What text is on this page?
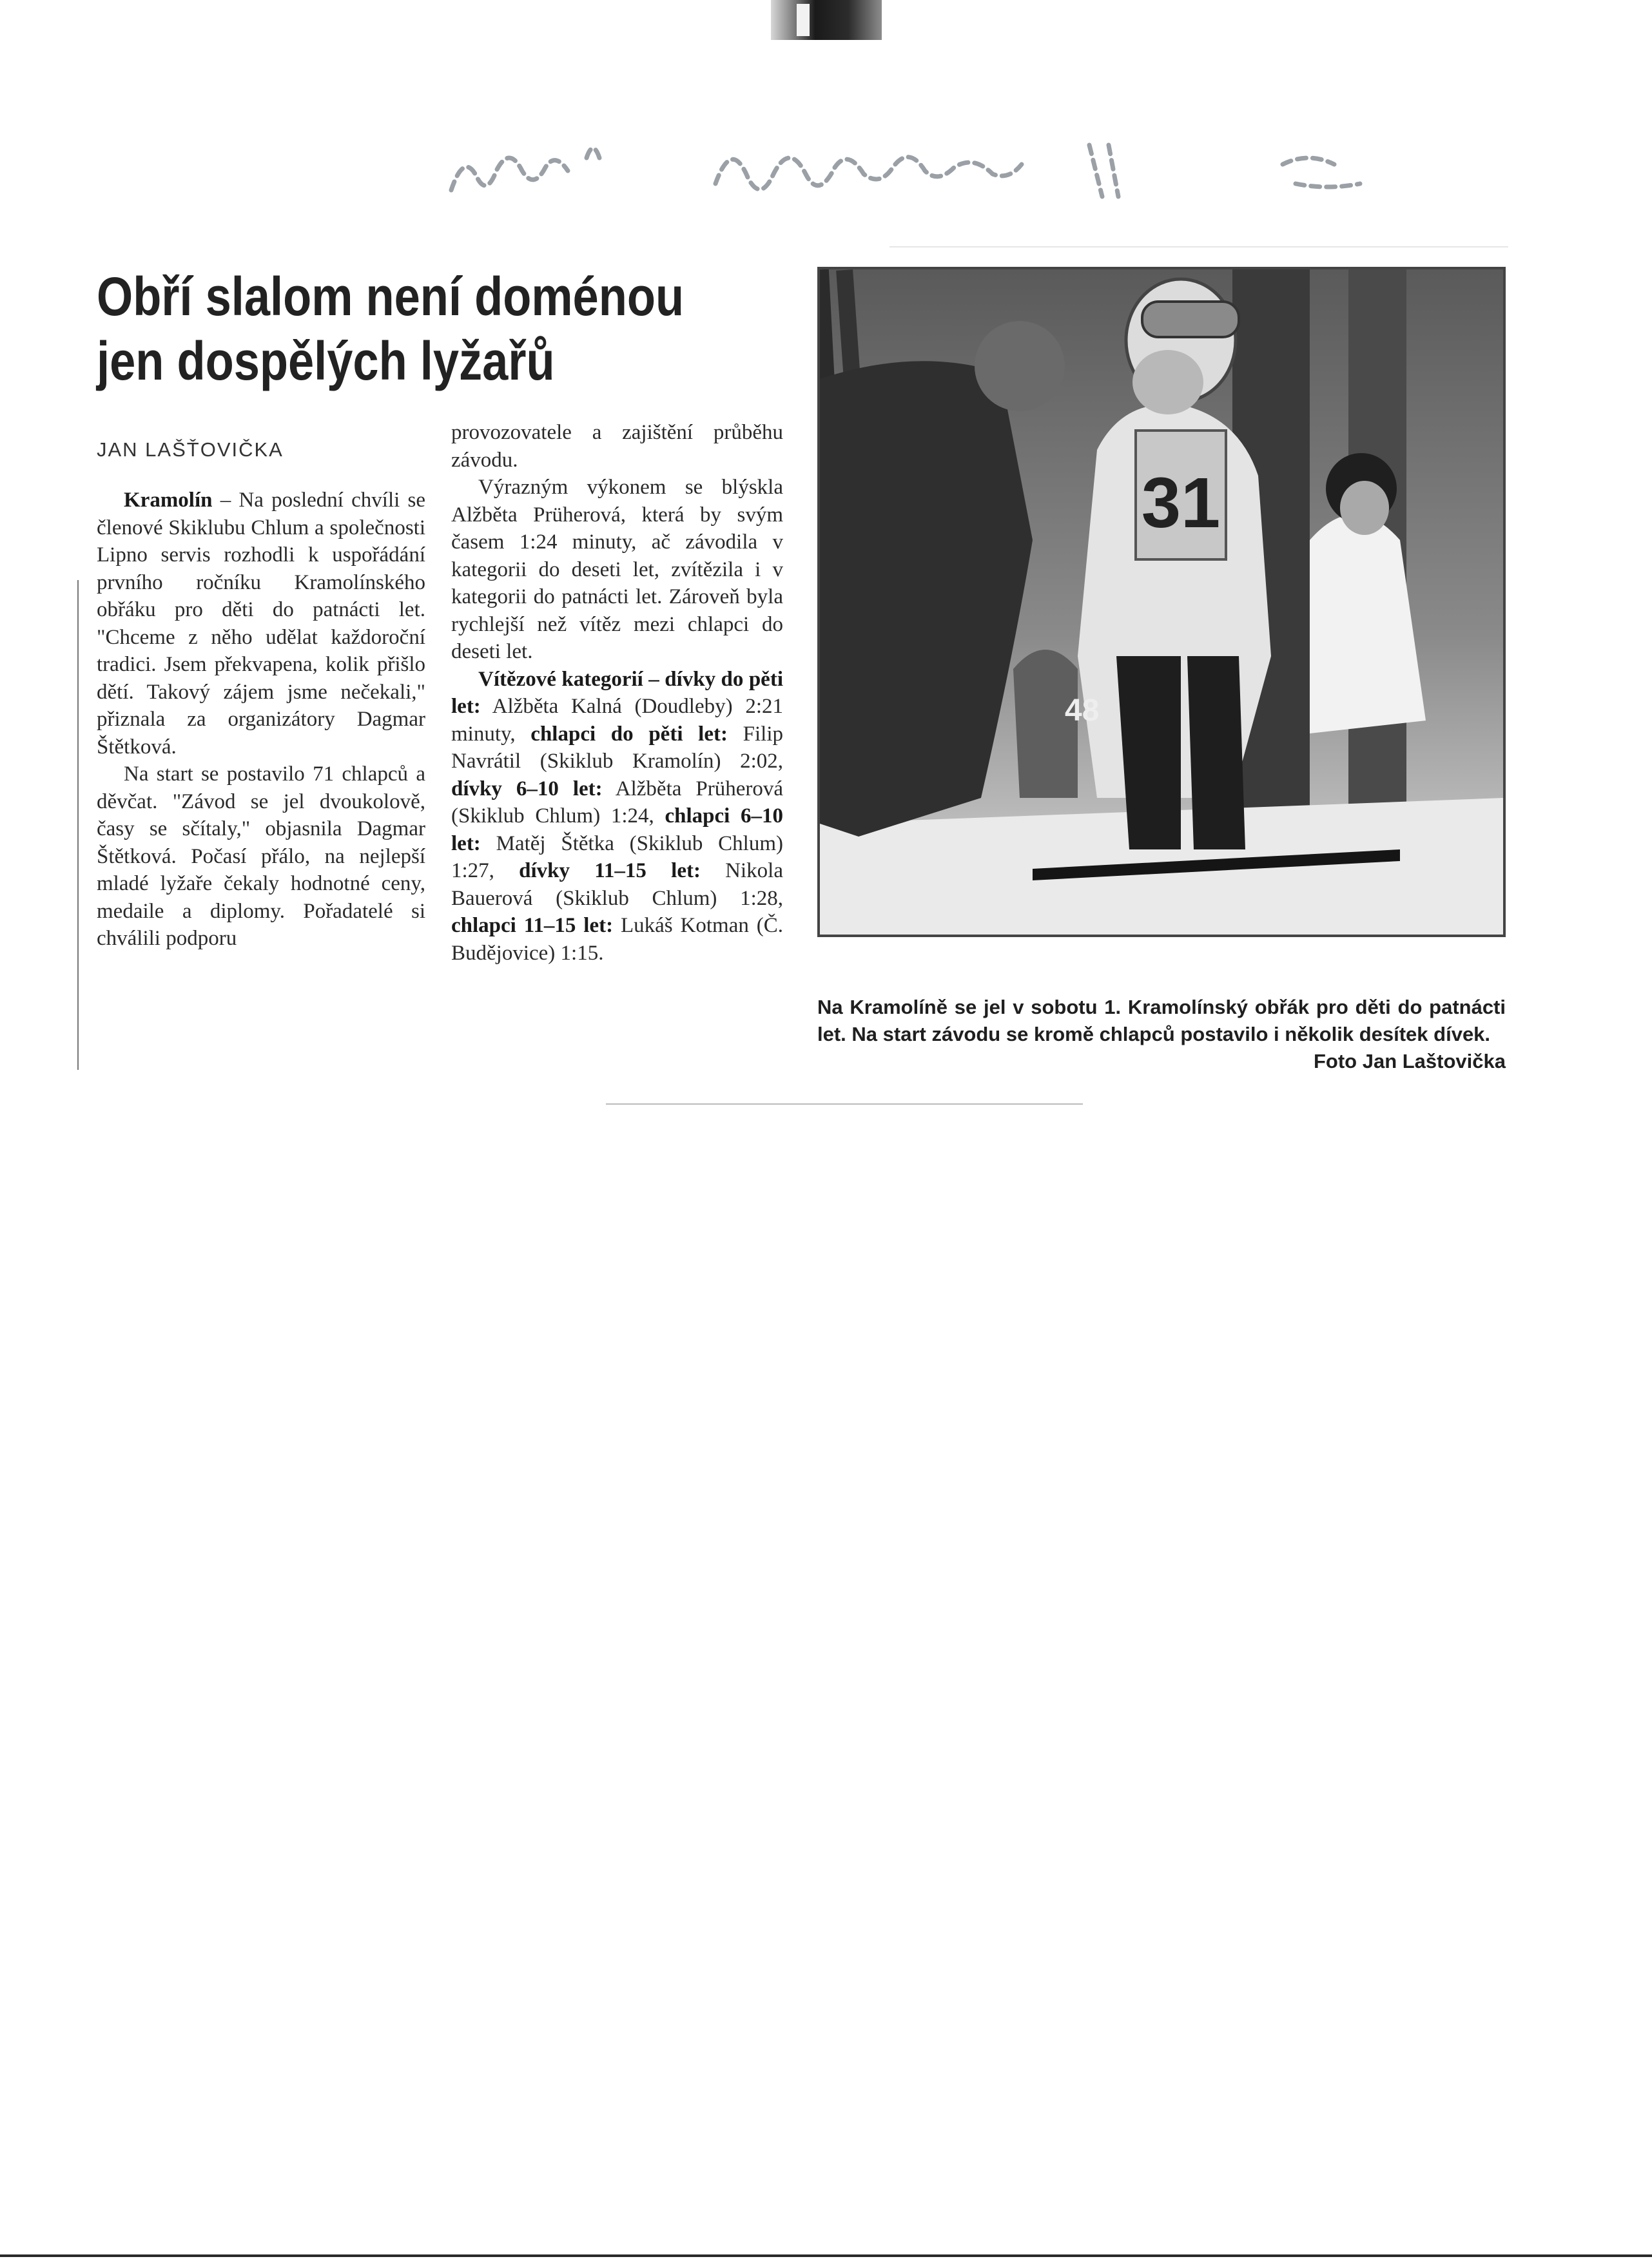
Obří slalom není doménou
jen dospělých lyžařů
JAN LAŠŤOVIČKA

Kramolín – Na poslední chvíli se členové Skiklubu Chlum a společnosti Lipno servis rozhodli k uspořádání prvního ročníku Kramolínského obřáku pro děti do patnácti let. "Chceme z něho udělat každoroční tradici. Jsem překvapena, kolik přišlo dětí. Takový zájem jsme nečekali," přiznala za organizátory Dagmar Štětková.

Na start se postavilo 71 chlapců a děvčat. "Závod se jel dvoukolově, časy se sčítaly," objasnila Dagmar Štětková. Počasí přálo, na nejlepší mladé lyžaře čekaly hodnotné ceny, medaile a diplomy. Pořadatelé si chválili podporu

provozovatele a zajištění průběhu závodu.

Výrazným výkonem se blýskla Alžběta Prüherová, která by svým časem 1:24 minuty, ač závodila v kategorii do deseti let, zvítězila i v kategorii do patnácti let. Zároveň byla rychlejší než vítěz mezi chlapci do deseti let.

Vítězové kategorií – dívky do pěti let: Alžběta Kalná (Doudleby) 2:21 minuty, chlapci do pěti let: Filip Navrátil (Skiklub Kramolín) 2:02, dívky 6–10 let: Alžběta Prüherová (Skiklub Chlum) 1:24, chlapci 6–10 let: Matěj Štětka (Skiklub Chlum) 1:27, dívky 11–15 let: Nikola Bauerová (Skiklub Chlum) 1:28, chlapci 11–15 let: Lukáš Kotman (Č. Budějovice) 1:15.

31
48
Na Kramolíně se jel v sobotu 1. Kramolínský obřák pro děti do patnácti let. Na start závodu se kromě chlapců postavilo i několik desítek dívek.
Foto Jan Laštovička
